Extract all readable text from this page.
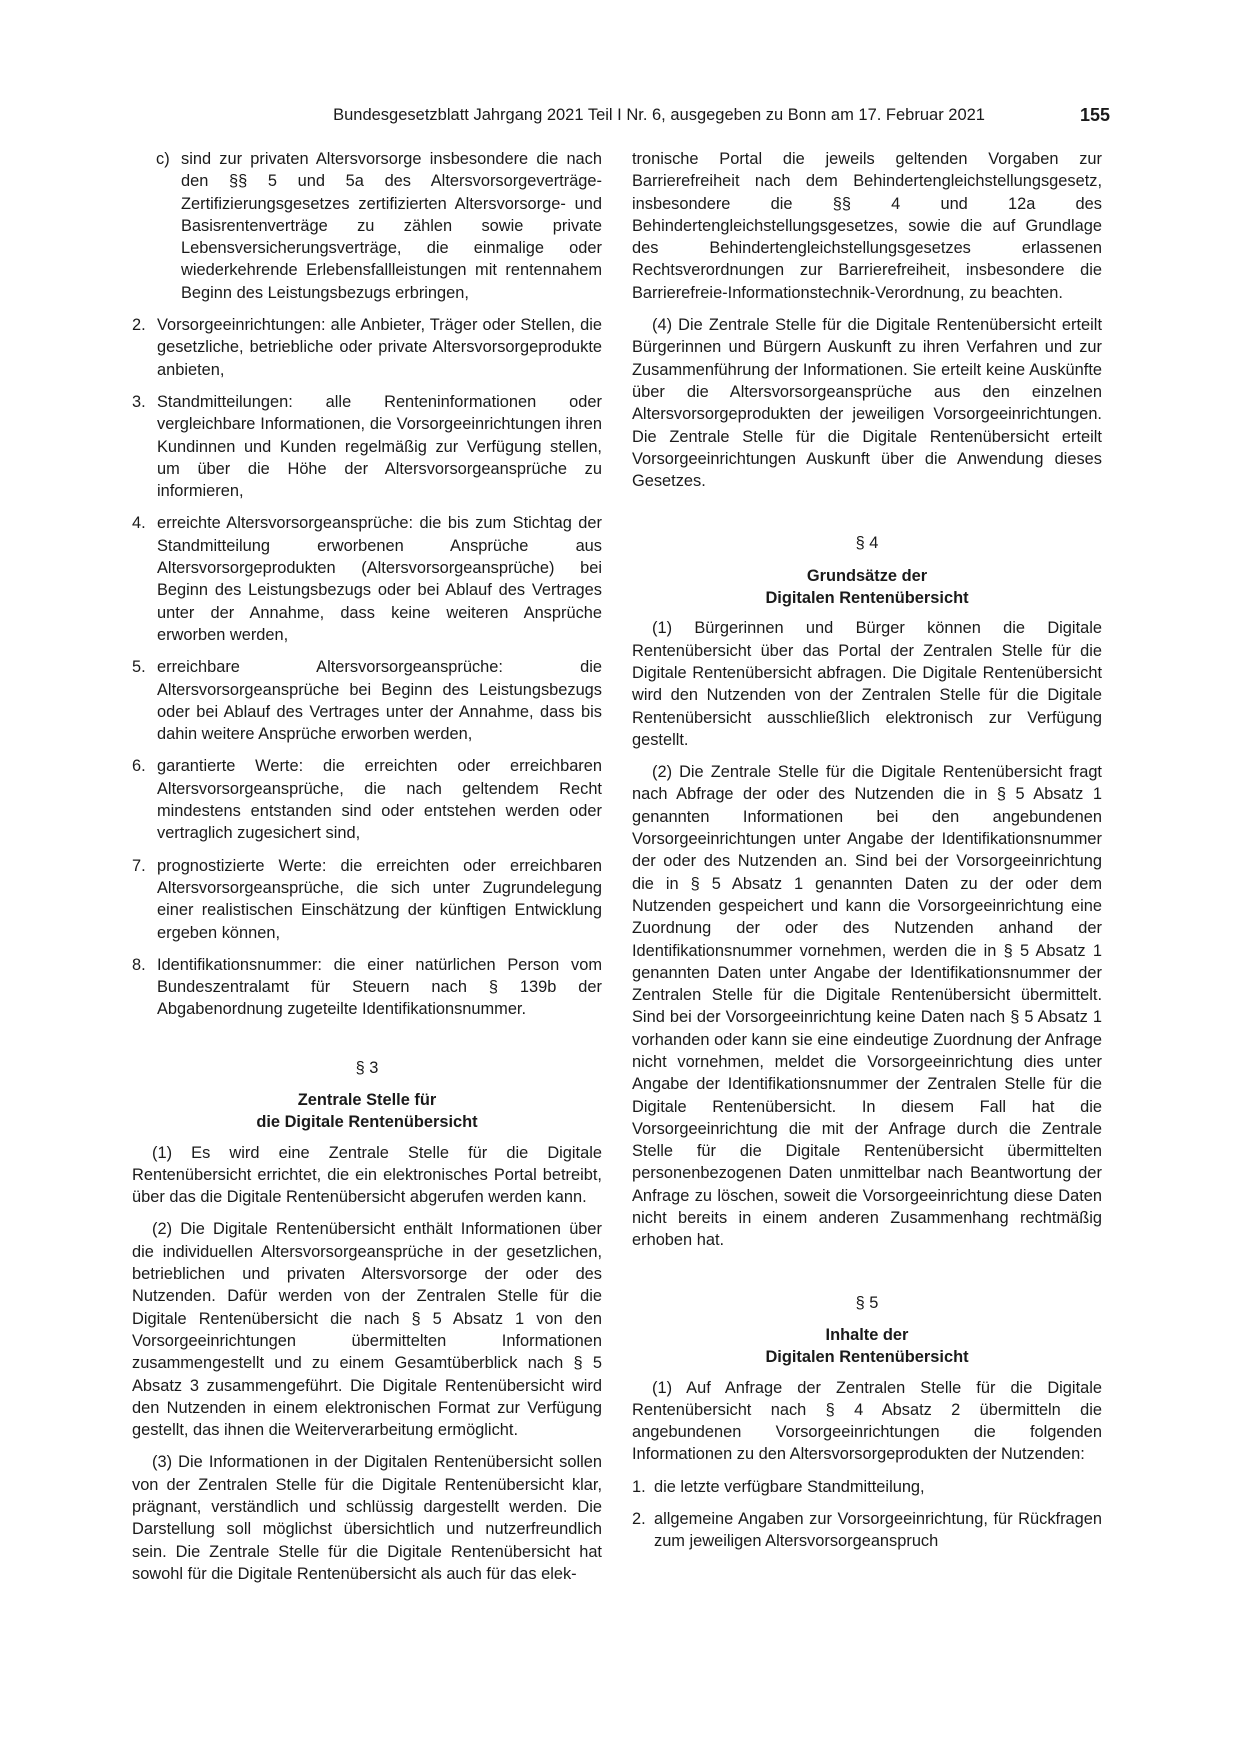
Bundesgesetzblatt Jahrgang 2021 Teil I Nr. 6, ausgegeben zu Bonn am 17. Februar 2021	155
c) sind zur privaten Altersvorsorge insbesondere die nach den §§ 5 und 5a des Altersvorsorgeverträge-Zertifizierungsgesetzes zertifizierten Altersvorsorge- und Basisrentenverträge zu zählen sowie private Lebensversicherungsverträge, die einmalige oder wiederkehrende Erlebensfallleistungen mit rentennahem Beginn des Leistungsbezugs erbringen,
2. Vorsorgeeinrichtungen: alle Anbieter, Träger oder Stellen, die gesetzliche, betriebliche oder private Altersvorsorgeprodukte anbieten,
3. Standmitteilungen: alle Renteninformationen oder vergleichbare Informationen, die Vorsorgeeinrichtungen ihren Kundinnen und Kunden regelmäßig zur Verfügung stellen, um über die Höhe der Altersvorsorgeansprüche zu informieren,
4. erreichte Altersvorsorgeansprüche: die bis zum Stichtag der Standmitteilung erworbenen Ansprüche aus Altersvorsorgeprodukten (Altersvorsorgeansprüche) bei Beginn des Leistungsbezugs oder bei Ablauf des Vertrages unter der Annahme, dass keine weiteren Ansprüche erworben werden,
5. erreichbare Altersvorsorgeansprüche: die Altersvorsorgeansprüche bei Beginn des Leistungsbezugs oder bei Ablauf des Vertrages unter der Annahme, dass bis dahin weitere Ansprüche erworben werden,
6. garantierte Werte: die erreichten oder erreichbaren Altersvorsorgeansprüche, die nach geltendem Recht mindestens entstanden sind oder entstehen werden oder vertraglich zugesichert sind,
7. prognostizierte Werte: die erreichten oder erreichbaren Altersvorsorgeansprüche, die sich unter Zugrundelegung einer realistischen Einschätzung der künftigen Entwicklung ergeben können,
8. Identifikationsnummer: die einer natürlichen Person vom Bundeszentralamt für Steuern nach § 139b der Abgabenordnung zugeteilte Identifikationsnummer.
§ 3
Zentrale Stelle für
die Digitale Rentenübersicht

(1) Es wird eine Zentrale Stelle für die Digitale Rentenübersicht errichtet, die ein elektronisches Portal betreibt, über das die Digitale Rentenübersicht abgerufen werden kann.

(2) Die Digitale Rentenübersicht enthält Informationen über die individuellen Altersvorsorgeansprüche in der gesetzlichen, betrieblichen und privaten Altersvorsorge der oder des Nutzenden. Dafür werden von der Zentralen Stelle für die Digitale Rentenübersicht die nach § 5 Absatz 1 von den Vorsorgeeinrichtungen übermittelten Informationen zusammengestellt und zu einem Gesamtüberblick nach § 5 Absatz 3 zusammengeführt. Die Digitale Rentenübersicht wird den Nutzenden in einem elektronischen Format zur Verfügung gestellt, das ihnen die Weiterverarbeitung ermöglicht.

(3) Die Informationen in der Digitalen Rentenübersicht sollen von der Zentralen Stelle für die Digitale Rentenübersicht klar, prägnant, verständlich und schlüssig dargestellt werden. Die Darstellung soll möglichst übersichtlich und nutzerfreundlich sein. Die Zentrale Stelle für die Digitale Rentenübersicht hat sowohl für die Digitale Rentenübersicht als auch für das elek-

tronische Portal die jeweils geltenden Vorgaben zur Barrierefreiheit nach dem Behindertengleichstellungsgesetz, insbesondere die §§ 4 und 12a des Behindertengleichstellungsgesetzes, sowie die auf Grundlage des Behindertengleichstellungsgesetzes erlassenen Rechtsverordnungen zur Barrierefreiheit, insbesondere die Barrierefreie-Informationstechnik-Verordnung, zu beachten.

(4) Die Zentrale Stelle für die Digitale Rentenübersicht erteilt Bürgerinnen und Bürgern Auskunft zu ihren Verfahren und zur Zusammenführung der Informationen. Sie erteilt keine Auskünfte über die Altersvorsorgeansprüche aus den einzelnen Altersvorsorgeprodukten der jeweiligen Vorsorgeeinrichtungen. Die Zentrale Stelle für die Digitale Rentenübersicht erteilt Vorsorgeeinrichtungen Auskunft über die Anwendung dieses Gesetzes.

§ 4
Grundsätze der
Digitalen Rentenübersicht

(1) Bürgerinnen und Bürger können die Digitale Rentenübersicht über das Portal der Zentralen Stelle für die Digitale Rentenübersicht abfragen. Die Digitale Rentenübersicht wird den Nutzenden von der Zentralen Stelle für die Digitale Rentenübersicht ausschließlich elektronisch zur Verfügung gestellt.

(2) Die Zentrale Stelle für die Digitale Rentenübersicht fragt nach Abfrage der oder des Nutzenden die in § 5 Absatz 1 genannten Informationen bei den angebundenen Vorsorgeeinrichtungen unter Angabe der Identifikationsnummer der oder des Nutzenden an. Sind bei der Vorsorgeeinrichtung die in § 5 Absatz 1 genannten Daten zu der oder dem Nutzenden gespeichert und kann die Vorsorgeeinrichtung eine Zuordnung der oder des Nutzenden anhand der Identifikationsnummer vornehmen, werden die in § 5 Absatz 1 genannten Daten unter Angabe der Identifikationsnummer der Zentralen Stelle für die Digitale Rentenübersicht übermittelt. Sind bei der Vorsorgeeinrichtung keine Daten nach § 5 Absatz 1 vorhanden oder kann sie eine eindeutige Zuordnung der Anfrage nicht vornehmen, meldet die Vorsorgeeinrichtung dies unter Angabe der Identifikationsnummer der Zentralen Stelle für die Digitale Rentenübersicht. In diesem Fall hat die Vorsorgeeinrichtung die mit der Anfrage durch die Zentrale Stelle für die Digitale Rentenübersicht übermittelten personenbezogenen Daten unmittelbar nach Beantwortung der Anfrage zu löschen, soweit die Vorsorgeeinrichtung diese Daten nicht bereits in einem anderen Zusammenhang rechtmäßig erhoben hat.

§ 5
Inhalte der
Digitalen Rentenübersicht

(1) Auf Anfrage der Zentralen Stelle für die Digitale Rentenübersicht nach § 4 Absatz 2 übermitteln die angebundenen Vorsorgeeinrichtungen die folgenden Informationen zu den Altersvorsorgeprodukten der Nutzenden:

1. die letzte verfügbare Standmitteilung,
2. allgemeine Angaben zur Vorsorgeeinrichtung, für Rückfragen zum jeweiligen Altersvorsorgeanspruch
